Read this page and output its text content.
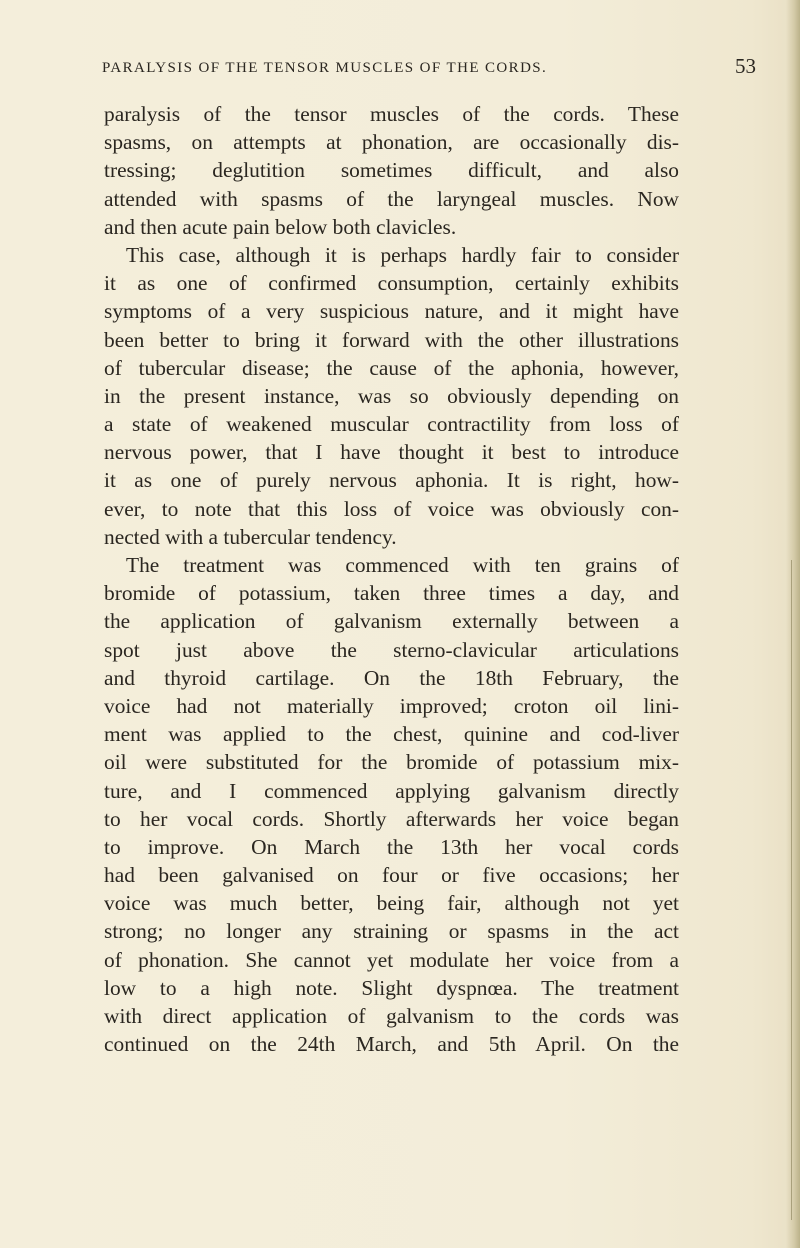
PARALYSIS OF THE TENSOR MUSCLES OF THE CORDS.	53
paralysis of the tensor muscles of the cords. These
spasms, on attempts at phonation, are occasionally dis-
tressing; deglutition sometimes difficult, and also
attended with spasms of the laryngeal muscles. Now
and then acute pain below both clavicles.
This case, although it is perhaps hardly fair to consider
it as one of confirmed consumption, certainly exhibits
symptoms of a very suspicious nature, and it might have
been better to bring it forward with the other illustrations
of tubercular disease; the cause of the aphonia, however,
in the present instance, was so obviously depending on
a state of weakened muscular contractility from loss of
nervous power, that I have thought it best to introduce
it as one of purely nervous aphonia. It is right, how-
ever, to note that this loss of voice was obviously con-
nected with a tubercular tendency.
The treatment was commenced with ten grains of
bromide of potassium, taken three times a day, and
the application of galvanism externally between a
spot just above the sterno-clavicular articulations
and thyroid cartilage. On the 18th February, the
voice had not materially improved; croton oil lini-
ment was applied to the chest, quinine and cod-liver
oil were substituted for the bromide of potassium mix-
ture, and I commenced applying galvanism directly
to her vocal cords. Shortly afterwards her voice began
to improve. On March the 13th her vocal cords
had been galvanised on four or five occasions; her
voice was much better, being fair, although not yet
strong; no longer any straining or spasms in the act
of phonation. She cannot yet modulate her voice from a
low to a high note. Slight dyspnœa. The treatment
with direct application of galvanism to the cords was
continued on the 24th March, and 5th April. On the
